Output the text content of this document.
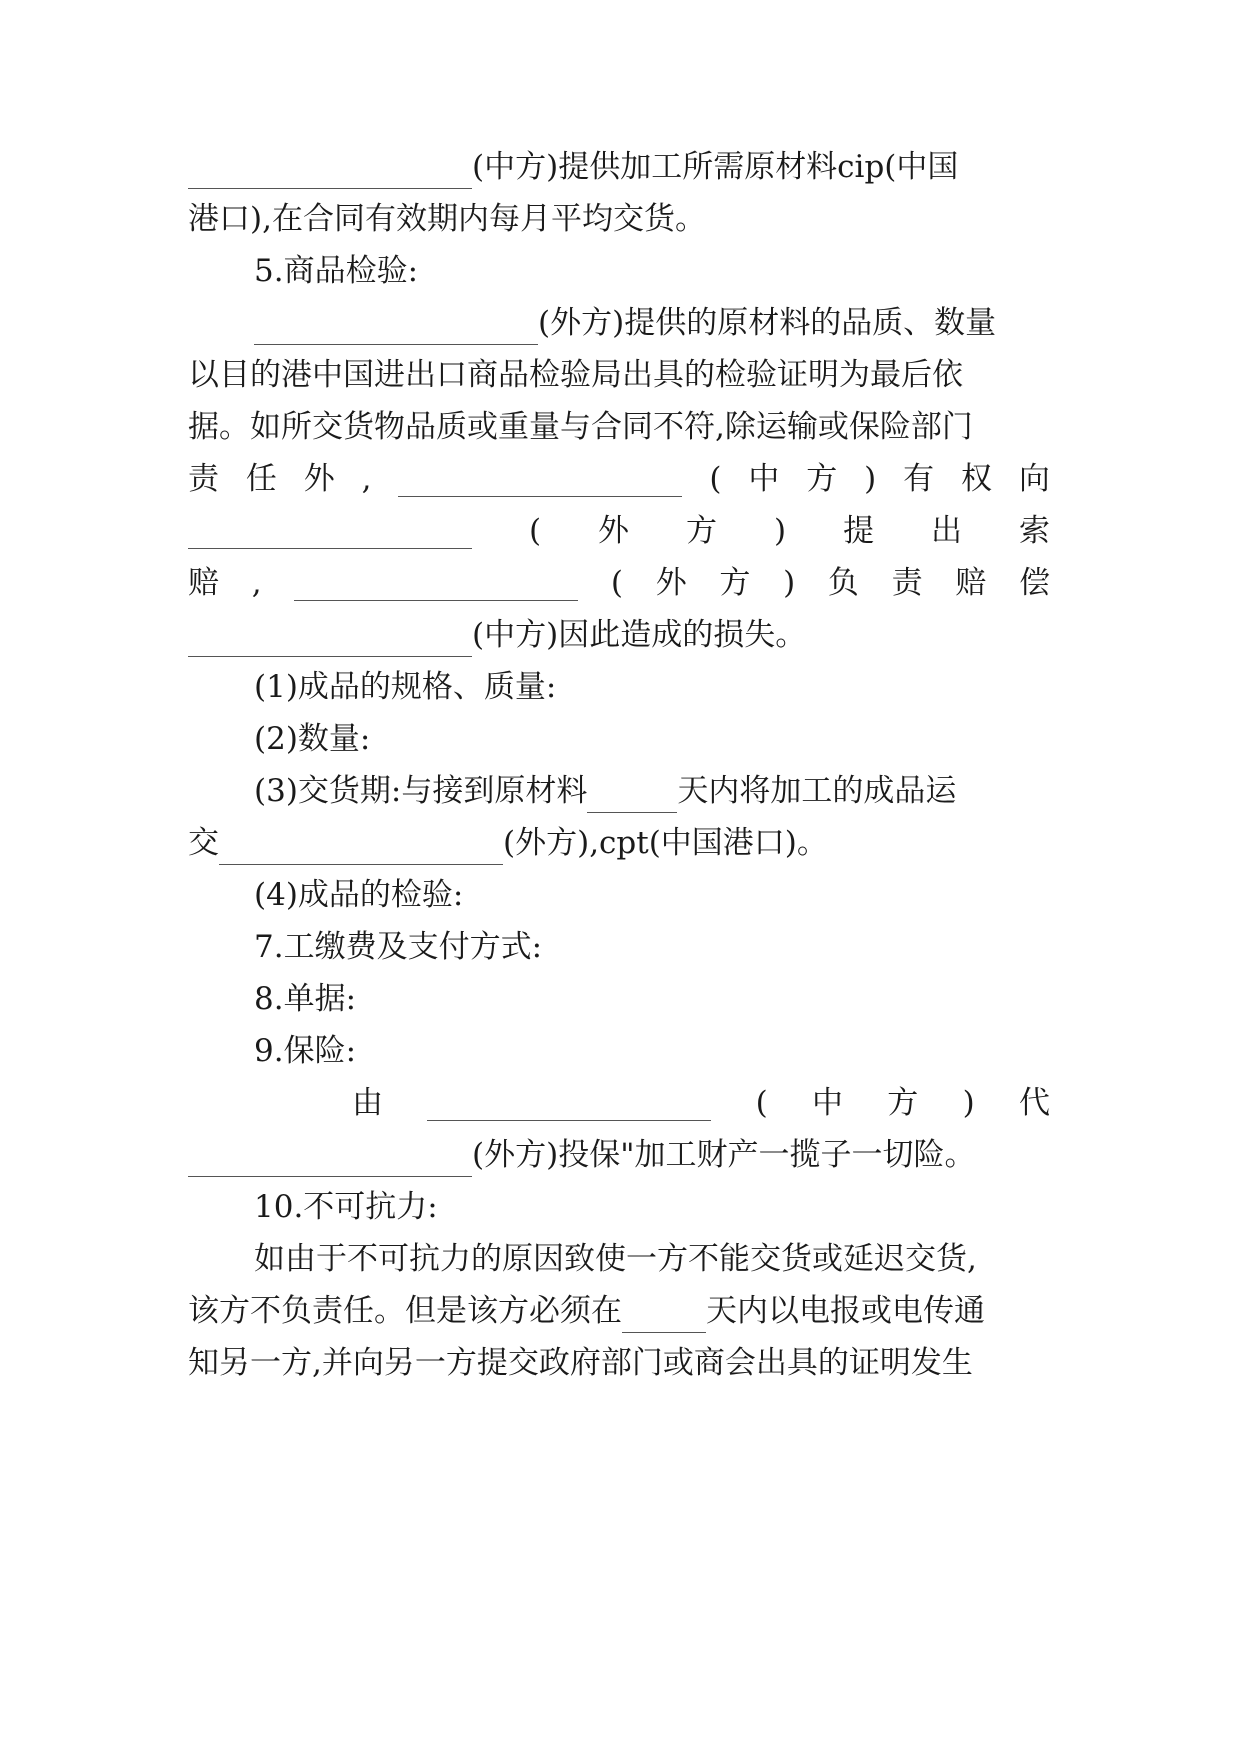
(中方)提供加工所需原材料cip(中国
港口),在合同有效期内每月平均交货。
5.商品检验:
(外方)提供的原材料的品质、数量
以目的港中国进出口商品检验局出具的检验证明为最后依
据。如所交货物品质或重量与合同不符,除运输或保险部门
责 任 外 ,	( 中 方 ) 有 权 向
( 外 方 ) 提 出 索
赔 ,	( 外 方 ) 负 责 赔 偿
(中方)因此造成的损失。
(1)成品的规格、质量:
(2)数量:
(3)交货期:与接到原材料	天内将加工的成品运
交	(外方),cpt(中国港口)。
(4)成品的检验:
7.工缴费及支付方式:
8.单据:
9.保险:
由	( 中 方 ) 代
(外方)投保"加工财产一揽子一切险。
10.不可抗力:
如由于不可抗力的原因致使一方不能交货或延迟交货,
该方不负责任。但是该方必须在	天内以电报或电传通
知另一方,并向另一方提交政府部门或商会出具的证明发生
